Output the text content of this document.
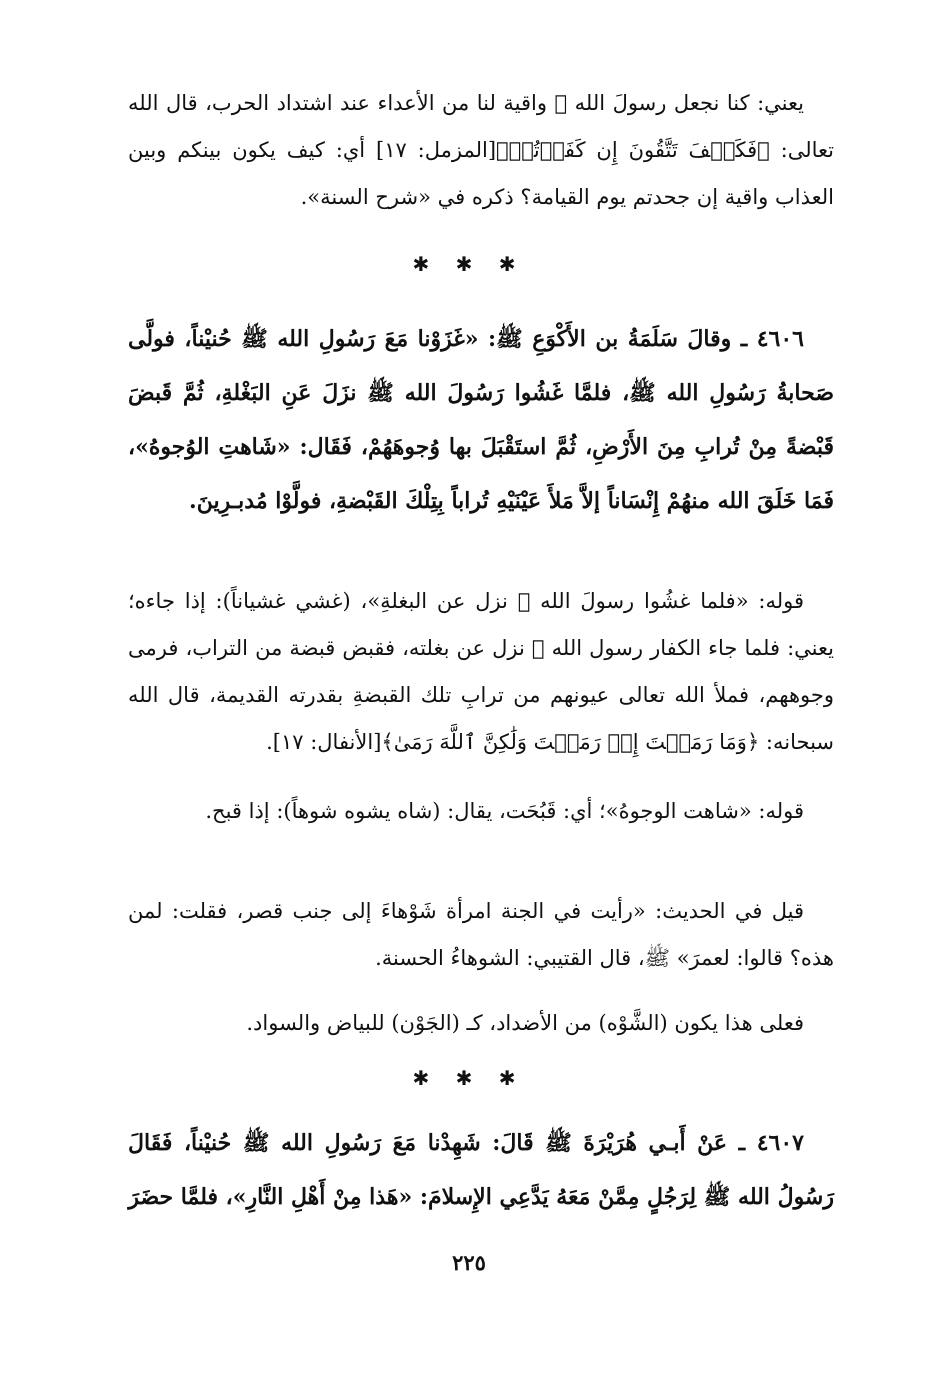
يعني: كنا نجعل رسولَ الله ﷺ واقية لنا من الأعداء عند اشتداد الحرب، قال الله تعالى: ﴿فَكَيۡفَ تَتَّقُونَ إِن كَفَرۡتُمۡ﴾[المزمل: ١٧] أي: كيف يكون بينكم وبين العذاب واقية إن جحدتم يوم القيامة؟ ذكره في «شرح السنة».
✱ ✱ ✱
٤٦٠٦ ـ وقالَ سَلَمَةُ بن الأَكْوَعِ ﷺ: «غَزَوْنا مَعَ رَسُولِ الله ﷺ حُنيْناً، فولَّى صَحابةُ رَسُولِ الله ﷺ، فلمَّا غَشُوا رَسُولَ الله ﷺ نزَلَ عَنِ البَغْلةِ، ثُمَّ قَبضَ قَبْضةً مِنْ تُرابِ مِنَ الأَرْضِ، ثُمَّ استَقْبَلَ بها وُجوهَهُمْ، فَقَال: «شَاهتِ الوُجوهُ»، فَمَا خَلَقَ الله منهُمْ إِنْسَاناً إلاَّ مَلأَ عَيْنَيْهِ تُراباً بِتِلْكَ القَبْضةِ، فولَّوْا مُدبـرِينَ.
قوله: «فلما غشُوا رسولَ الله ﷺ نزل عن البغلةِ»، (غشي غشياناً): إذا جاءه؛ يعني: فلما جاء الكفار رسول الله ﷺ نزل عن بغلته، فقبض قبضة من التراب، فرمى وجوههم، فملأ الله تعالى عيونهم من ترابِ تلك القبضةِ بقدرته القديمة، قال الله سبحانه: ﴿وَمَا رَمَيۡتَ إِذۡ رَمَيۡتَ وَلَٰكِنَّ ٱللَّهَ رَمَىٰ﴾[الأنفال: ١٧].
قوله: «شاهت الوجوهُ»؛ أي: قَبُحَت، يقال: (شاه يشوه شوهاً): إذا قبح.
قيل في الحديث: «رأيت في الجنة امرأة شَوْهاءَ إلى جنب قصر، فقلت: لمن هذه؟ قالوا: لعمرَ» ﷺ، قال القتيبي: الشوهاءُ الحسنة.
فعلى هذا يكون (الشَّوْه) من الأضداد، كـ (الجَوْن) للبياض والسواد.
✱ ✱ ✱
٤٦٠٧ ـ عَنْ أَبـي هُرَيْرَةَ ﷺ قَالَ: شَهِدْنا مَعَ رَسُولِ الله ﷺ حُنيْناً، فَقَالَ رَسُولُ الله ﷺ لِرَجُلٍ مِمَّنْ مَعَهُ يَدَّعِي الإِسلامَ: «هَذا مِنْ أَهْلِ النَّارِ»، فلمَّا حضَرَ
٢٢٥
